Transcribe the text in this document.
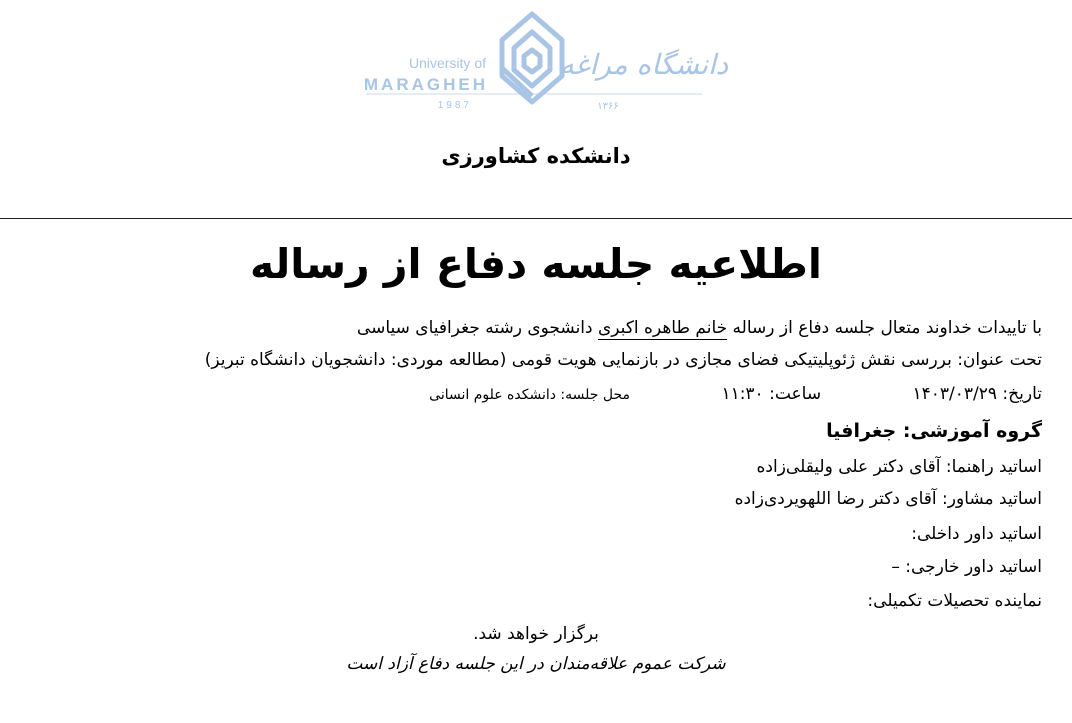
University of
MARAGHEH
1987
دانشگاه مراغه
۱۳۶۶
دانشکده کشاورزی
اطلاعیه جلسه دفاع از رساله
با تاییدات خداوند متعال جلسه دفاع از رساله خانم طاهره اکبری دانشجوی رشته جغرافیای سیاسی
تحت عنوان: بررسی نقش ژئوپلیتیکی فضای مجازی در بازنمایی هویت قومی (مطالعه موردی: دانشجویان دانشگاه تبریز)
تاریخ: ۱۴۰۳/۰۳/۲۹ ساعت: ۱۱:۳۰ محل جلسه: دانشکده علوم انسانی
گروه آموزشی: جغرافیا
اساتید راهنما: آقای دکتر علی ولیقلی‌زاده
اساتید مشاور: آقای دکتر رضا اللهویردی‌زاده
اساتید داور داخلی:
اساتید داور خارجی: –
نماینده تحصیلات تکمیلی:
برگزار خواهد شد.
شرکت عموم علاقه‌مندان در این جلسه دفاع آزاد است
